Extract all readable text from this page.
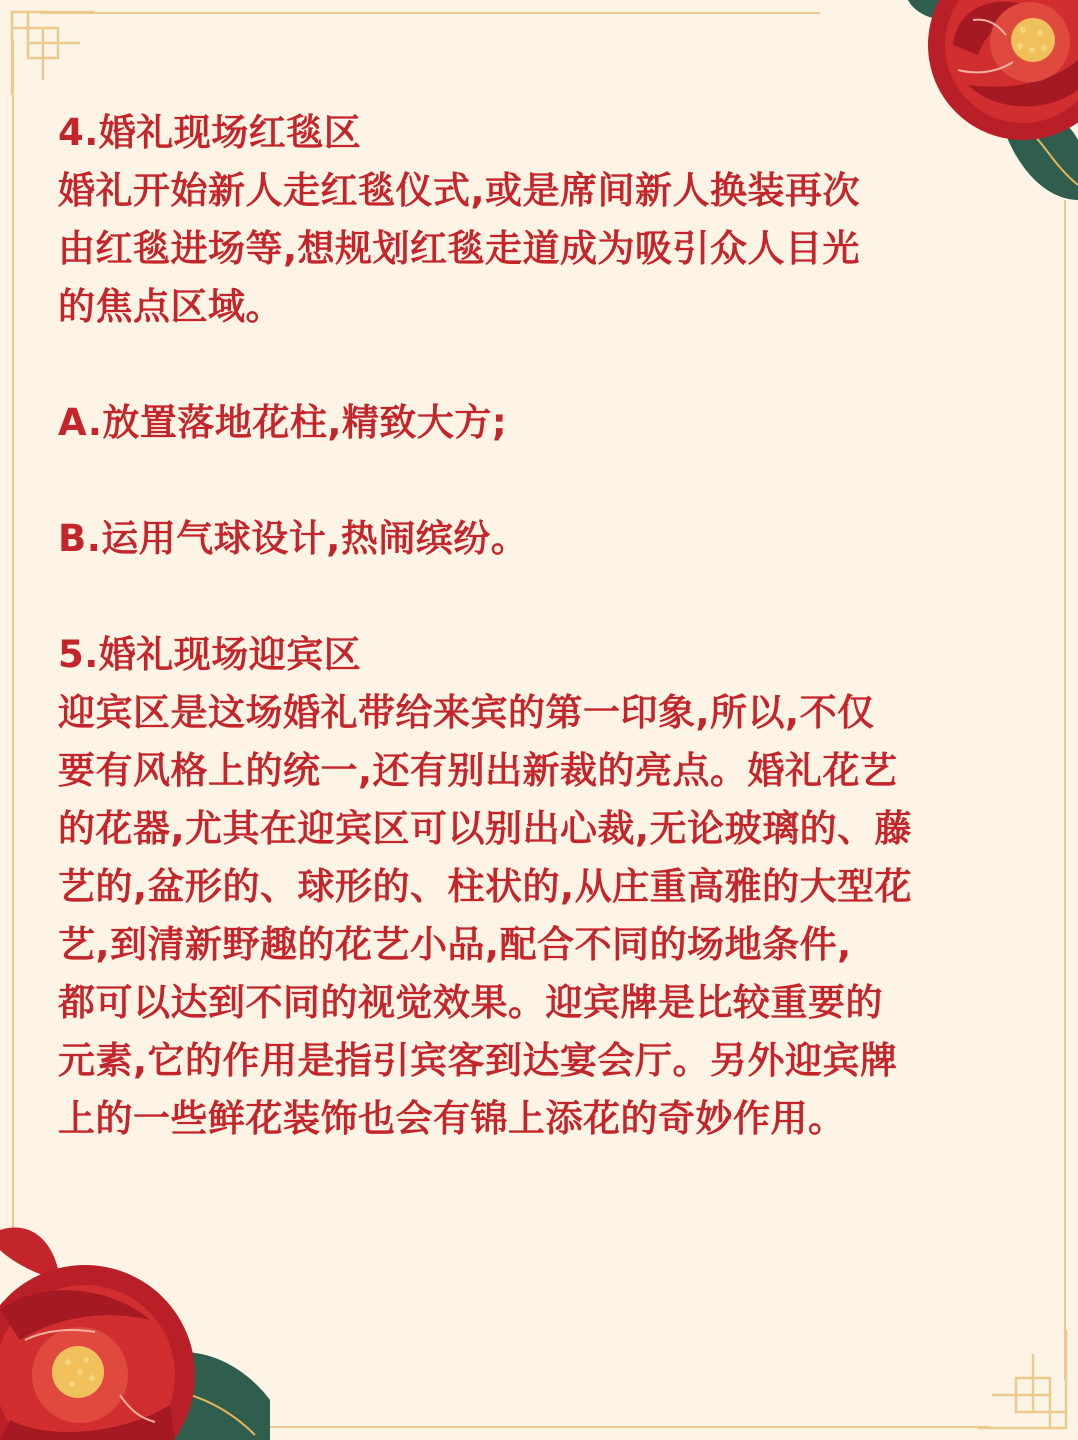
4.婚礼现场红毯区

婚礼开始新人走红毯仪式,或是席间新人换装再次

由红毯进场等,想规划红毯走道成为吸引众人目光

的焦点区域。

A.放置落地花柱,精致大方;

B.运用气球设计,热闹缤纷。

5.婚礼现场迎宾区

迎宾区是这场婚礼带给来宾的第一印象,所以,不仅

要有风格上的统一,还有别出新裁的亮点。婚礼花艺

的花器,尤其在迎宾区可以别出心裁,无论玻璃的、藤

艺的,盆形的、球形的、柱状的,从庄重高雅的大型花

艺,到清新野趣的花艺小品,配合不同的场地条件,

都可以达到不同的视觉效果。迎宾牌是比较重要的

元素,它的作用是指引宾客到达宴会厅。另外迎宾牌

上的一些鲜花装饰也会有锦上添花的奇妙作用。
